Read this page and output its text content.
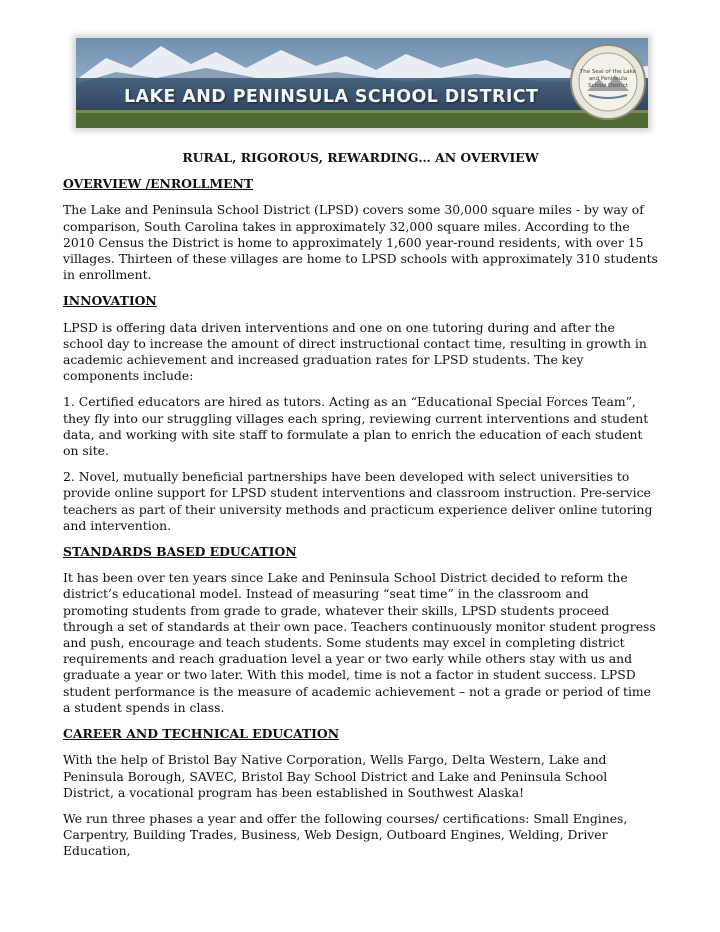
LAKE AND PENINSULA SCHOOL DISTRICT
The Seal of the Lake and Peninsula School District
RURAL, RIGOROUS, REWARDING… AN OVERVIEW
OVERVIEW /ENROLLMENT

The Lake and Peninsula School District (LPSD) covers some 30,000 square miles - by way of comparison, South Carolina takes in approximately 32,000 square miles. According to the 2010 Census the District is home to approximately 1,600 year-round residents, with over 15 villages. Thirteen of these villages are home to LPSD schools with approximately 310 students in enrollment.

INNOVATION

LPSD is offering data driven interventions and one on one tutoring during and after the school day to increase the amount of direct instructional contact time, resulting in growth in academic achievement and increased graduation rates for LPSD students. The key components include:

1. Certified educators are hired as tutors. Acting as an “Educational Special Forces Team”, they fly into our struggling villages each spring, reviewing current interventions and student data, and working with site staff to formulate a plan to enrich the education of each student on site.

2. Novel, mutually beneficial partnerships have been developed with select universities to provide online support for LPSD student interventions and classroom instruction. Pre-service teachers as part of their university methods and practicum experience deliver online tutoring and intervention.

STANDARDS BASED EDUCATION

It has been over ten years since Lake and Peninsula School District decided to reform the district’s educational model. Instead of measuring “seat time” in the classroom and promoting students from grade to grade, whatever their skills, LPSD students proceed through a set of standards at their own pace. Teachers continuously monitor student progress and push, encourage and teach students. Some students may excel in completing district requirements and reach graduation level a year or two early while others stay with us and graduate a year or two later. With this model, time is not a factor in student success. LPSD student performance is the measure of academic achievement – not a grade or period of time a student spends in class.

CAREER AND TECHNICAL EDUCATION

With the help of Bristol Bay Native Corporation, Wells Fargo, Delta Western, Lake and Peninsula Borough, SAVEC, Bristol Bay School District and Lake and Peninsula School District, a vocational program has been established in Southwest Alaska!

We run three phases a year and offer the following courses/ certifications: Small Engines, Carpentry, Building Trades, Business, Web Design, Outboard Engines, Welding, Driver Education,
